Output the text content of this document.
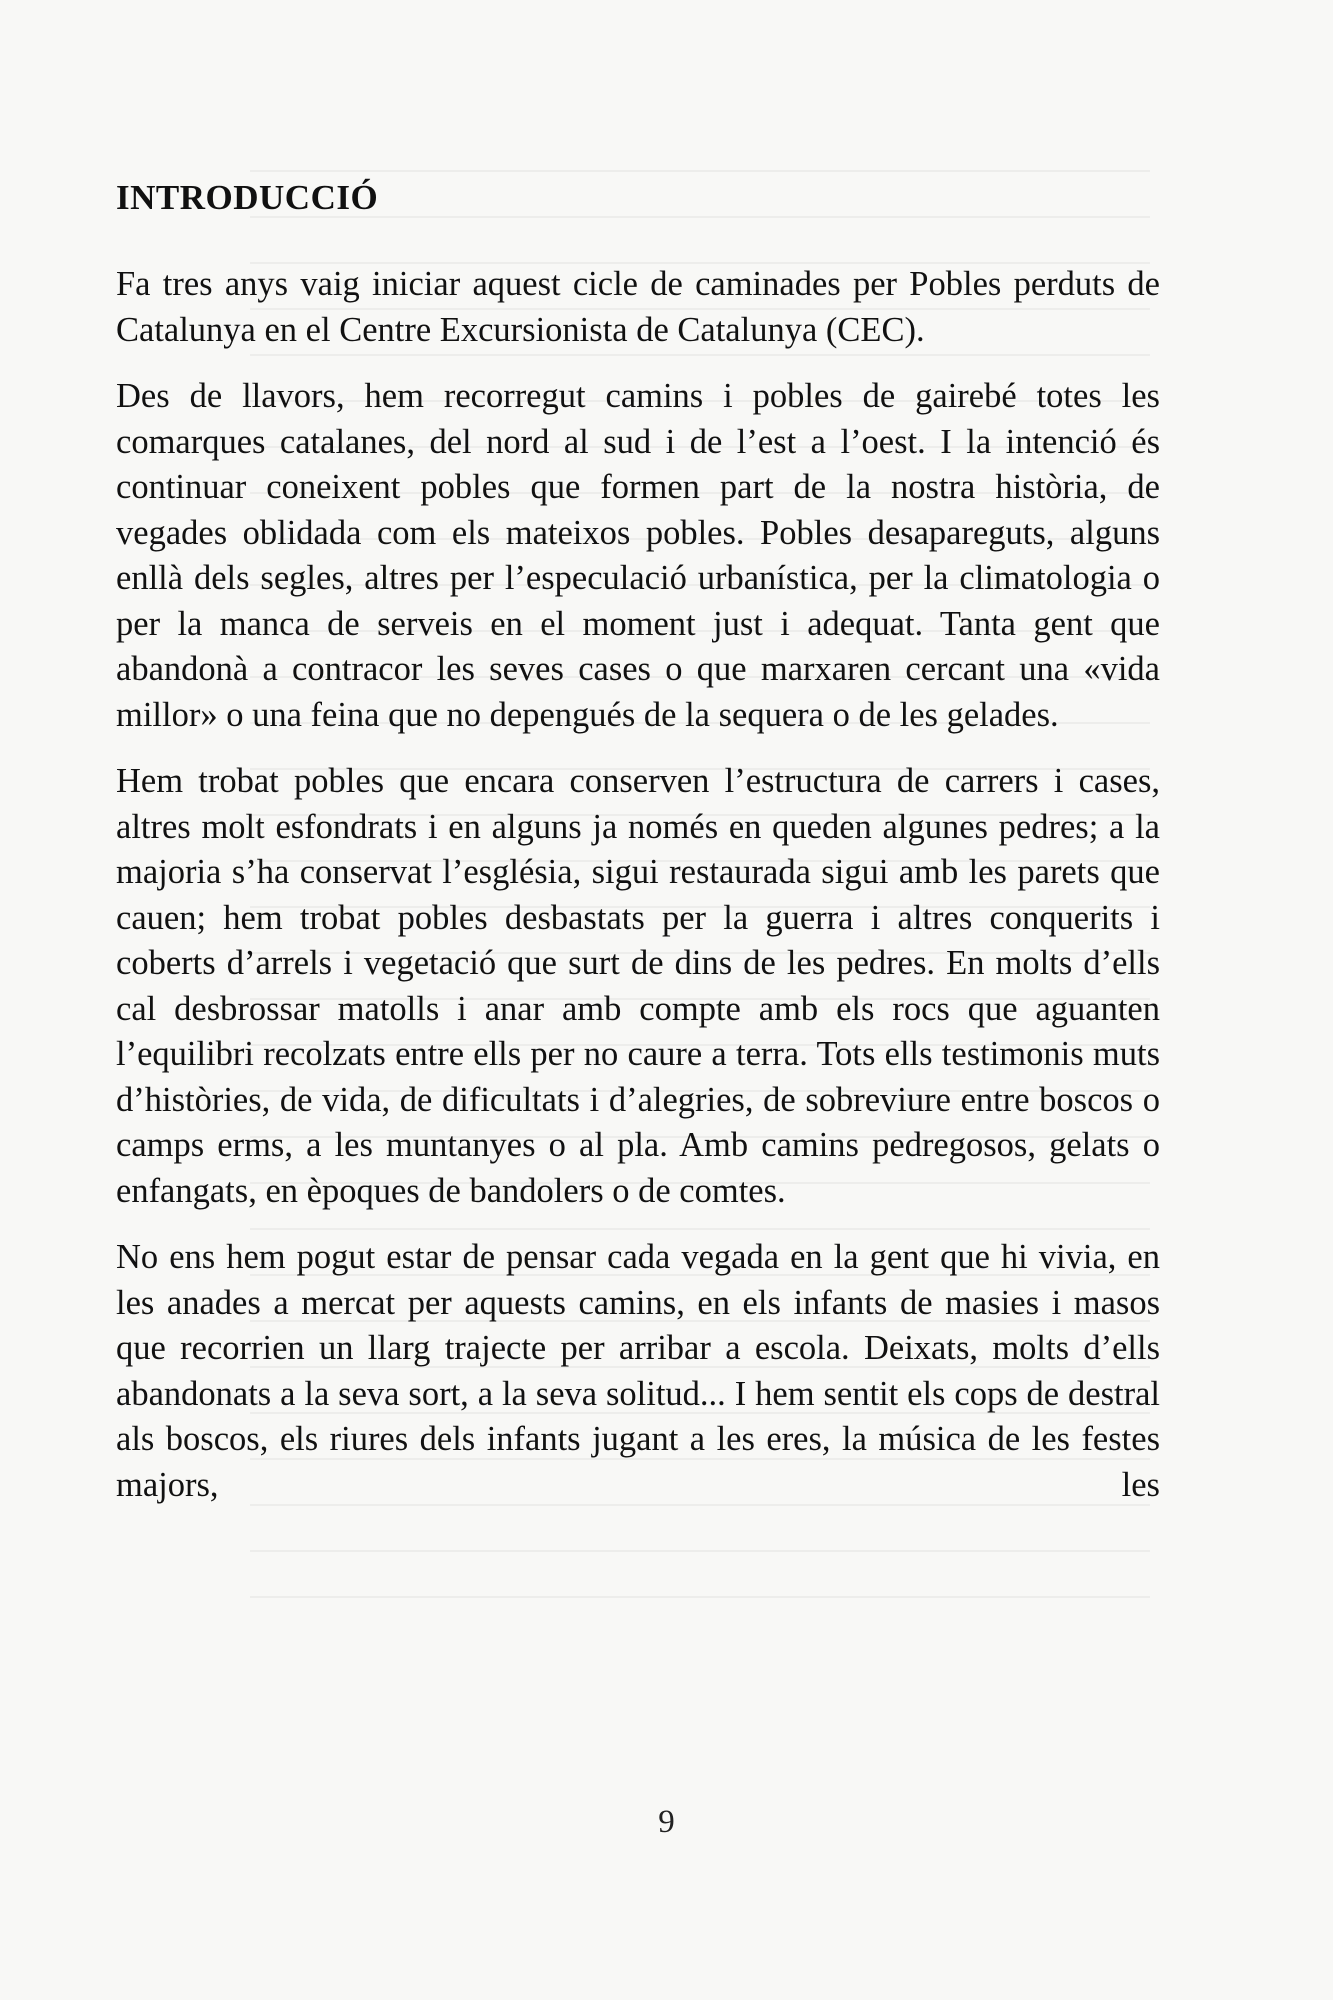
INTRODUCCIÓ

Fa tres anys vaig iniciar aquest cicle de caminades per Pobles perduts de Catalunya en el Centre Excursionista de Catalunya (CEC).

Des de llavors, hem recorregut camins i pobles de gairebé totes les comarques catalanes, del nord al sud i de l’est a l’oest. I la intenció és continuar coneixent pobles que formen part de la nostra història, de vegades oblidada com els mateixos pobles. Pobles desapareguts, alguns enllà dels segles, altres per l’especulació urbanística, per la climatologia o per la manca de serveis en el moment just i adequat. Tanta gent que abandonà a contracor les seves cases o que marxaren cercant una «vida millor» o una feina que no depengués de la sequera o de les gelades.

Hem trobat pobles que encara conserven l’estructura de carrers i cases, altres molt esfondrats i en alguns ja només en queden algunes pedres; a la majoria s’ha conservat l’església, sigui restaurada sigui amb les parets que cauen; hem trobat pobles desbastats per la guerra i altres conquerits i coberts d’arrels i vegetació que surt de dins de les pedres. En molts d’ells cal desbrossar matolls i anar amb compte amb els rocs que aguanten l’equilibri recolzats entre ells per no caure a terra. Tots ells testimonis muts d’històries, de vida, de dificultats i d’alegries, de sobreviure entre boscos o camps erms, a les muntanyes o al pla. Amb camins pedregosos, gelats o enfangats, en èpoques de bandolers o de comtes.

No ens hem pogut estar de pensar cada vegada en la gent que hi vivia, en les anades a mercat per aquests camins, en els infants de masies i masos que recorrien un llarg trajecte per arribar a escola. Deixats, molts d’ells abandonats a la seva sort, a la seva solitud... I hem sentit els cops de destral als boscos, els riures dels infants jugant a les eres, la música de les festes majors, les

9
